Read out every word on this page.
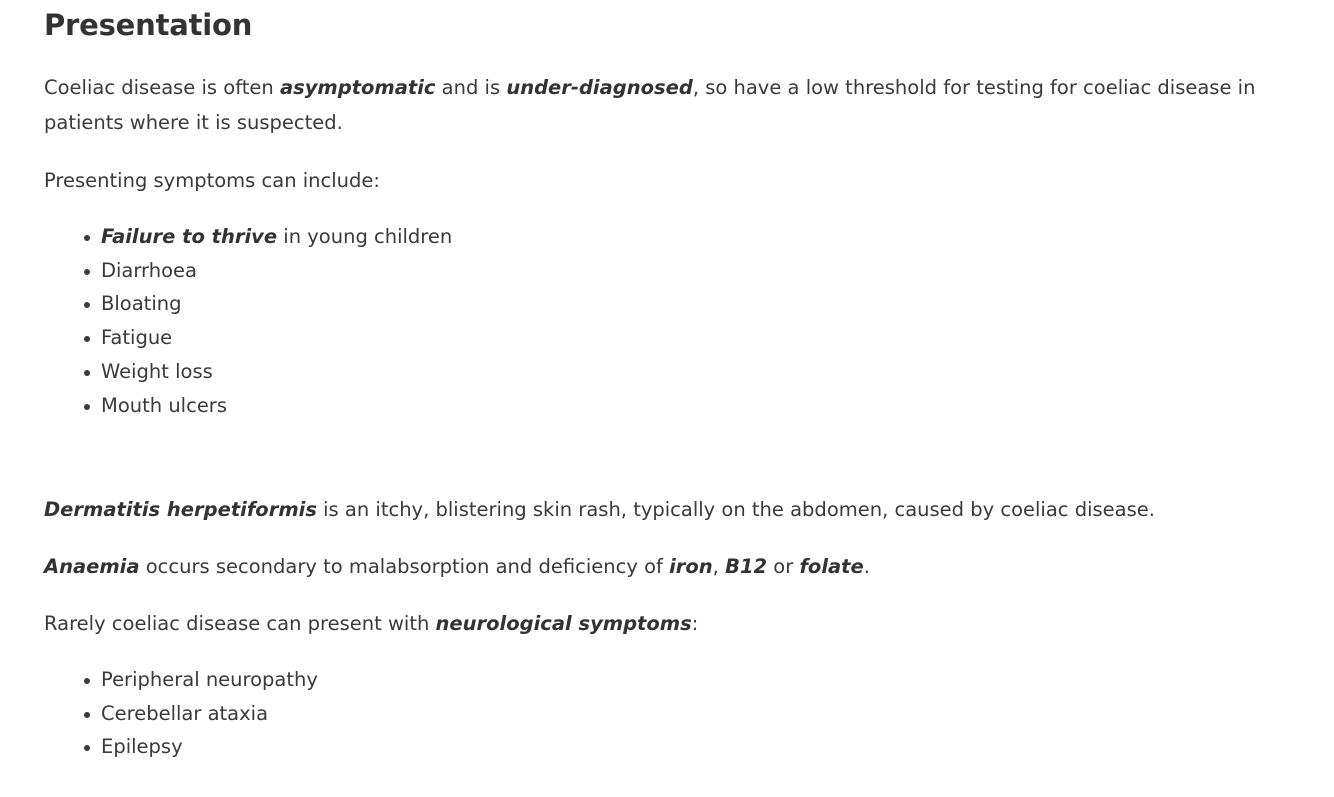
Presentation

Coeliac disease is often asymptomatic and is under-diagnosed, so have a low threshold for testing for coeliac disease in patients where it is suspected.

Presenting symptoms can include:

Failure to thrive in young children
Diarrhoea
Bloating
Fatigue
Weight loss
Mouth ulcers

Dermatitis herpetiformis is an itchy, blistering skin rash, typically on the abdomen, caused by coeliac disease.

Anaemia occurs secondary to malabsorption and deficiency of iron, B12 or folate.

Rarely coeliac disease can present with neurological symptoms:

Peripheral neuropathy
Cerebellar ataxia
Epilepsy
